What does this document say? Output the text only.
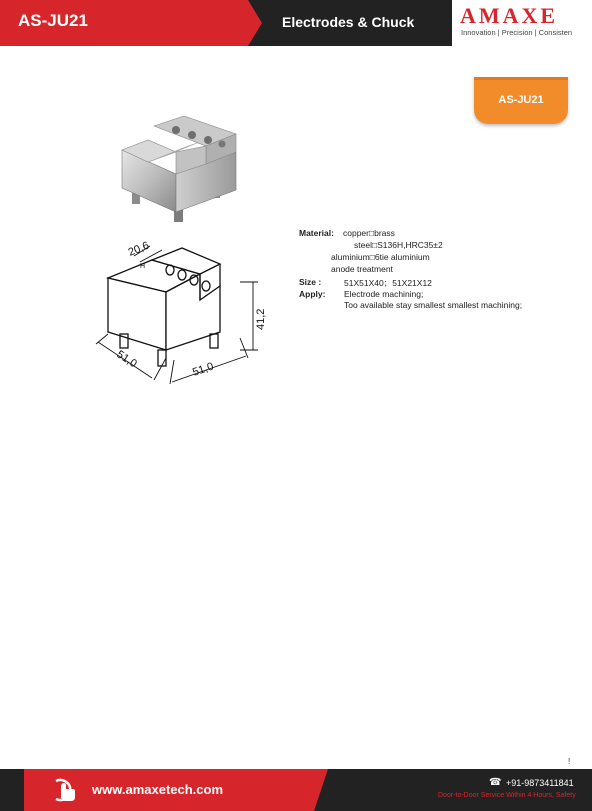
AS-JU21	Electrodes & Chuck AMAXE
Innovation | Precision | Consisten
AS-JU21
20,6
H
41,2
51,0	51,0
Material: copper□brass
steel□S136H,HRC35±2
aluminium□6tie aluminium
anode treatment
Size :	51X51X40；51X21X12
Apply: Electrode machining;
Too available stay smallest smallest machining;
!
www.amaxetech.com	☎ +91-9873411841
Door-to-Door Service Within 4 Hours, Safety
